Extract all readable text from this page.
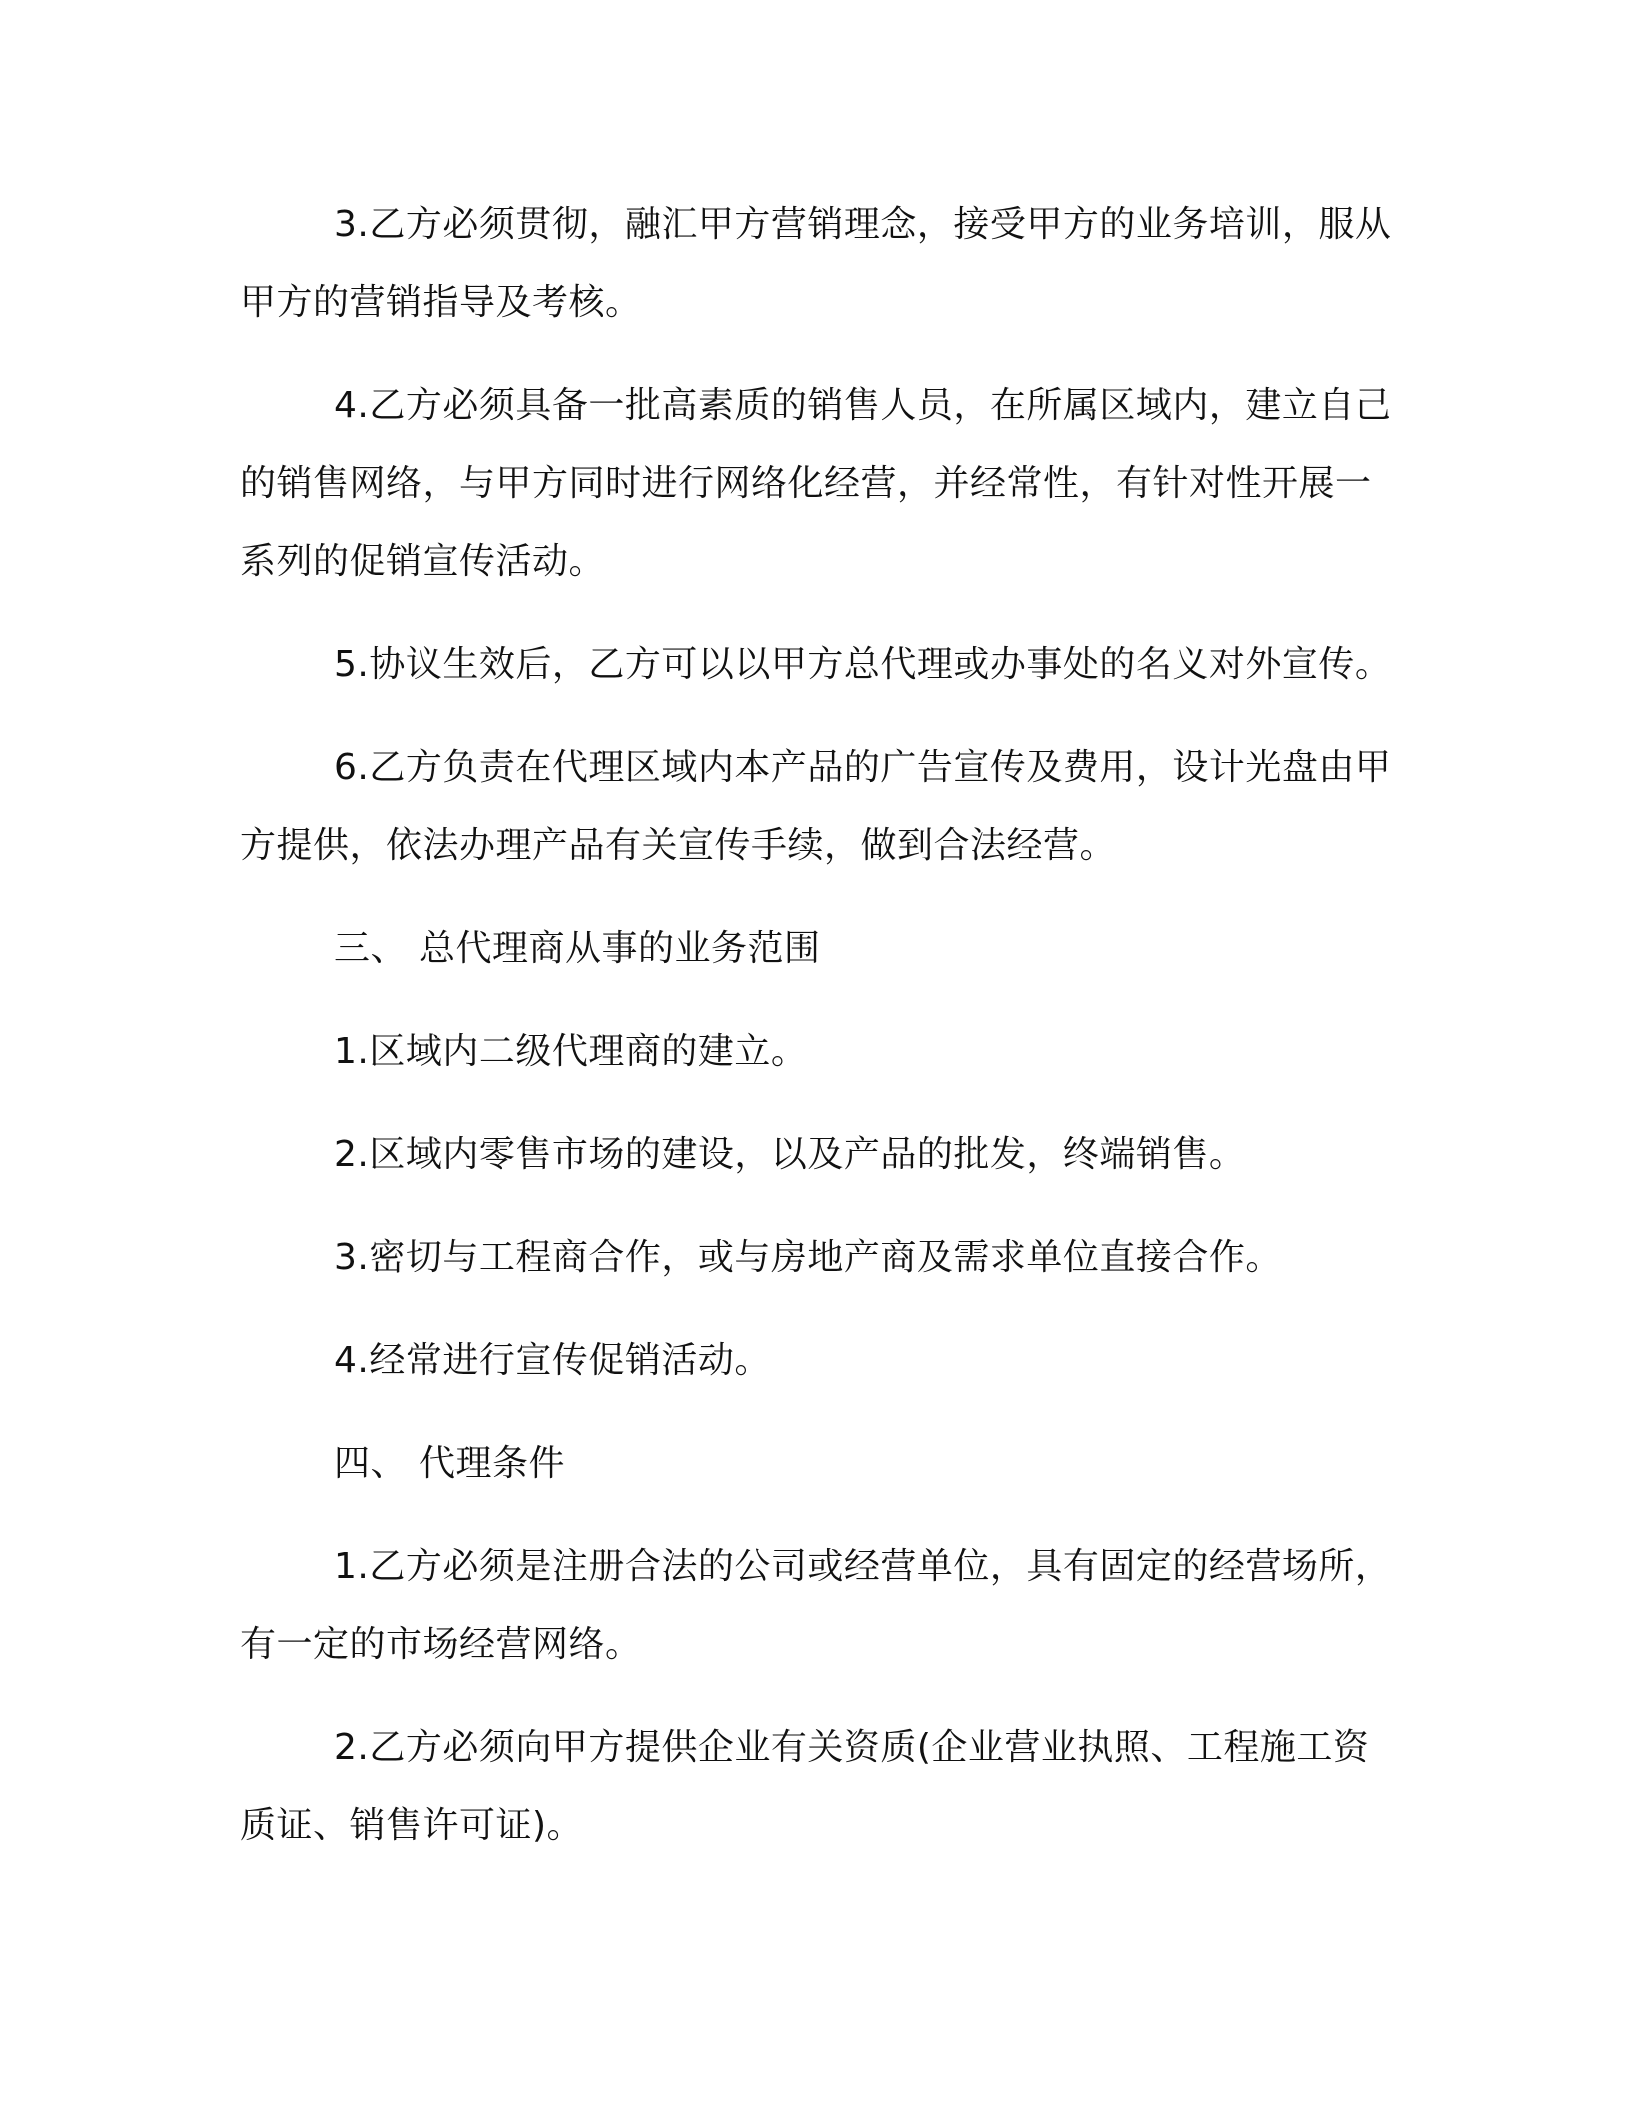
3.乙方必须贯彻，融汇甲方营销理念，接受甲方的业务培训，服从甲方的营销指导及考核。

4.乙方必须具备一批高素质的销售人员，在所属区域内，建立自己的销售网络，与甲方同时进行网络化经营，并经常性，有针对性开展一系列的促销宣传活动。

5.协议生效后，乙方可以以甲方总代理或办事处的名义对外宣传。

6.乙方负责在代理区域内本产品的广告宣传及费用，设计光盘由甲方提供，依法办理产品有关宣传手续，做到合法经营。

三、 总代理商从事的业务范围

1.区域内二级代理商的建立。

2.区域内零售市场的建设，以及产品的批发，终端销售。

3.密切与工程商合作，或与房地产商及需求单位直接合作。

4.经常进行宣传促销活动。

四、 代理条件

1.乙方必须是注册合法的公司或经营单位，具有固定的经营场所，有一定的市场经营网络。

2.乙方必须向甲方提供企业有关资质(企业营业执照、工程施工资质证、销售许可证)。
